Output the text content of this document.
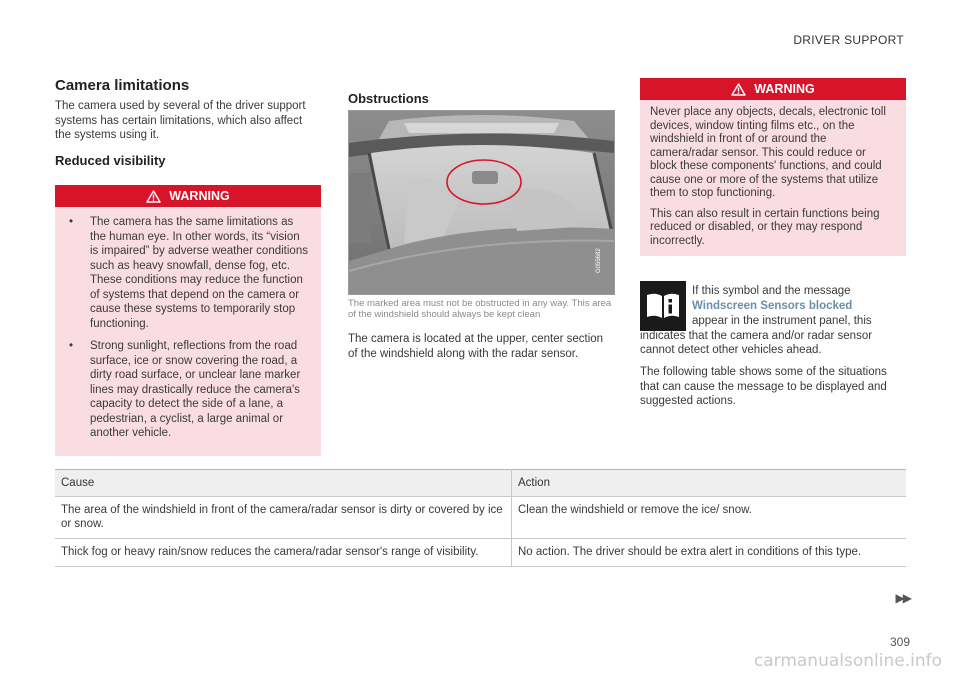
DRIVER SUPPORT
Camera limitations
The camera used by several of the driver support systems has certain limitations, which also affect the systems using it.
Reduced visibility
WARNING
• The camera has the same limitations as the human eye. In other words, its “vision is impaired” by adverse weather conditions such as heavy snowfall, dense fog, etc. These conditions may reduce the function of systems that depend on the camera or cause these systems to temporarily stop functioning.
• Strong sunlight, reflections from the road surface, ice or snow covering the road, a dirty road surface, or unclear lane marker lines may drastically reduce the camera's capacity to detect the side of a lane, a pedestrian, a cyclist, a large animal or another vehicle.
Obstructions
G055682
The marked area must not be obstructed in any way. This area of the windshield should always be kept clean
The camera is located at the upper, center section of the windshield along with the radar sensor.
WARNING

Never place any objects, decals, electronic toll devices, window tinting films etc., on the windshield in front of or around the camera/radar sensor. This could reduce or block these components' functions, and could cause one or more of the systems that utilize them to stop functioning.

This can also result in certain functions being reduced or disabled, or they may respond incorrectly.

If this symbol and the message
Windscreen Sensors blocked
appear in the instrument panel, this indicates that the camera and/or radar sensor cannot detect other vehicles ahead.
The following table shows some of the situations that can cause the message to be displayed and suggested actions.
Cause	Action
The area of the windshield in front of the camera/radar sensor is dirty or covered by ice or snow.	Clean the windshield or remove the ice/ snow.
Thick fog or heavy rain/snow reduces the camera/radar sensor's range of visibility.	No action. The driver should be extra alert in conditions of this type.
▶▶
309
carmanualsonline.info
